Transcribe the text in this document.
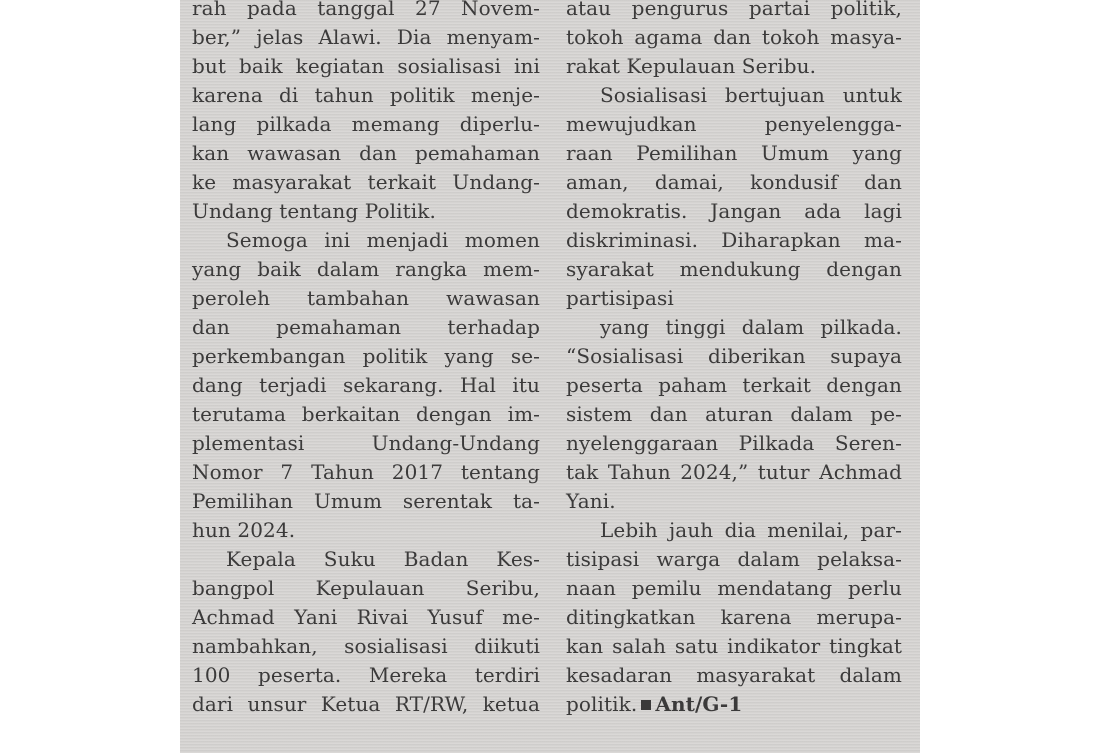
rah pada tanggal 27 Novem-

ber,” jelas Alawi. Dia menyam-

but baik kegiatan sosialisasi ini

karena di tahun politik menje-

lang pilkada memang diperlu-

kan wawasan dan pemahaman

ke masyarakat terkait Undang-

Undang tentang Politik.

Semoga ini menjadi momen

yang baik dalam rangka mem-

peroleh tambahan wawasan

dan pemahaman terhadap

perkembangan politik yang se-

dang terjadi sekarang. Hal itu

terutama berkaitan dengan im-

plementasi Undang-Undang

Nomor 7 Tahun 2017 tentang

Pemilihan Umum serentak ta-

hun 2024.

Kepala Suku Badan Kes-

bangpol Kepulauan Seribu,

Achmad Yani Rivai Yusuf me-

nambahkan, sosialisasi diikuti

100 peserta. Mereka terdiri

dari unsur Ketua RT/RW, ketua

atau pengurus partai politik,

tokoh agama dan tokoh masya-

rakat Kepulauan Seribu.

Sosialisasi bertujuan untuk

mewujudkan penyelengga-

raan Pemilihan Umum yang

aman, damai, kondusif dan

demokratis. Jangan ada lagi

diskriminasi. Diharapkan ma-

syarakat mendukung dengan

partisipasi

yang tinggi dalam pilkada.

“Sosialisasi diberikan supaya

peserta paham terkait dengan

sistem dan aturan dalam pe-

nyelenggaraan Pilkada Seren-

tak Tahun 2024,” tutur Achmad

Yani.

Lebih jauh dia menilai, par-

tisipasi warga dalam pelaksa-

naan pemilu mendatang perlu

ditingkatkan karena merupa-

kan salah satu indikator tingkat

kesadaran masyarakat dalam

politik. Ant/G-1
